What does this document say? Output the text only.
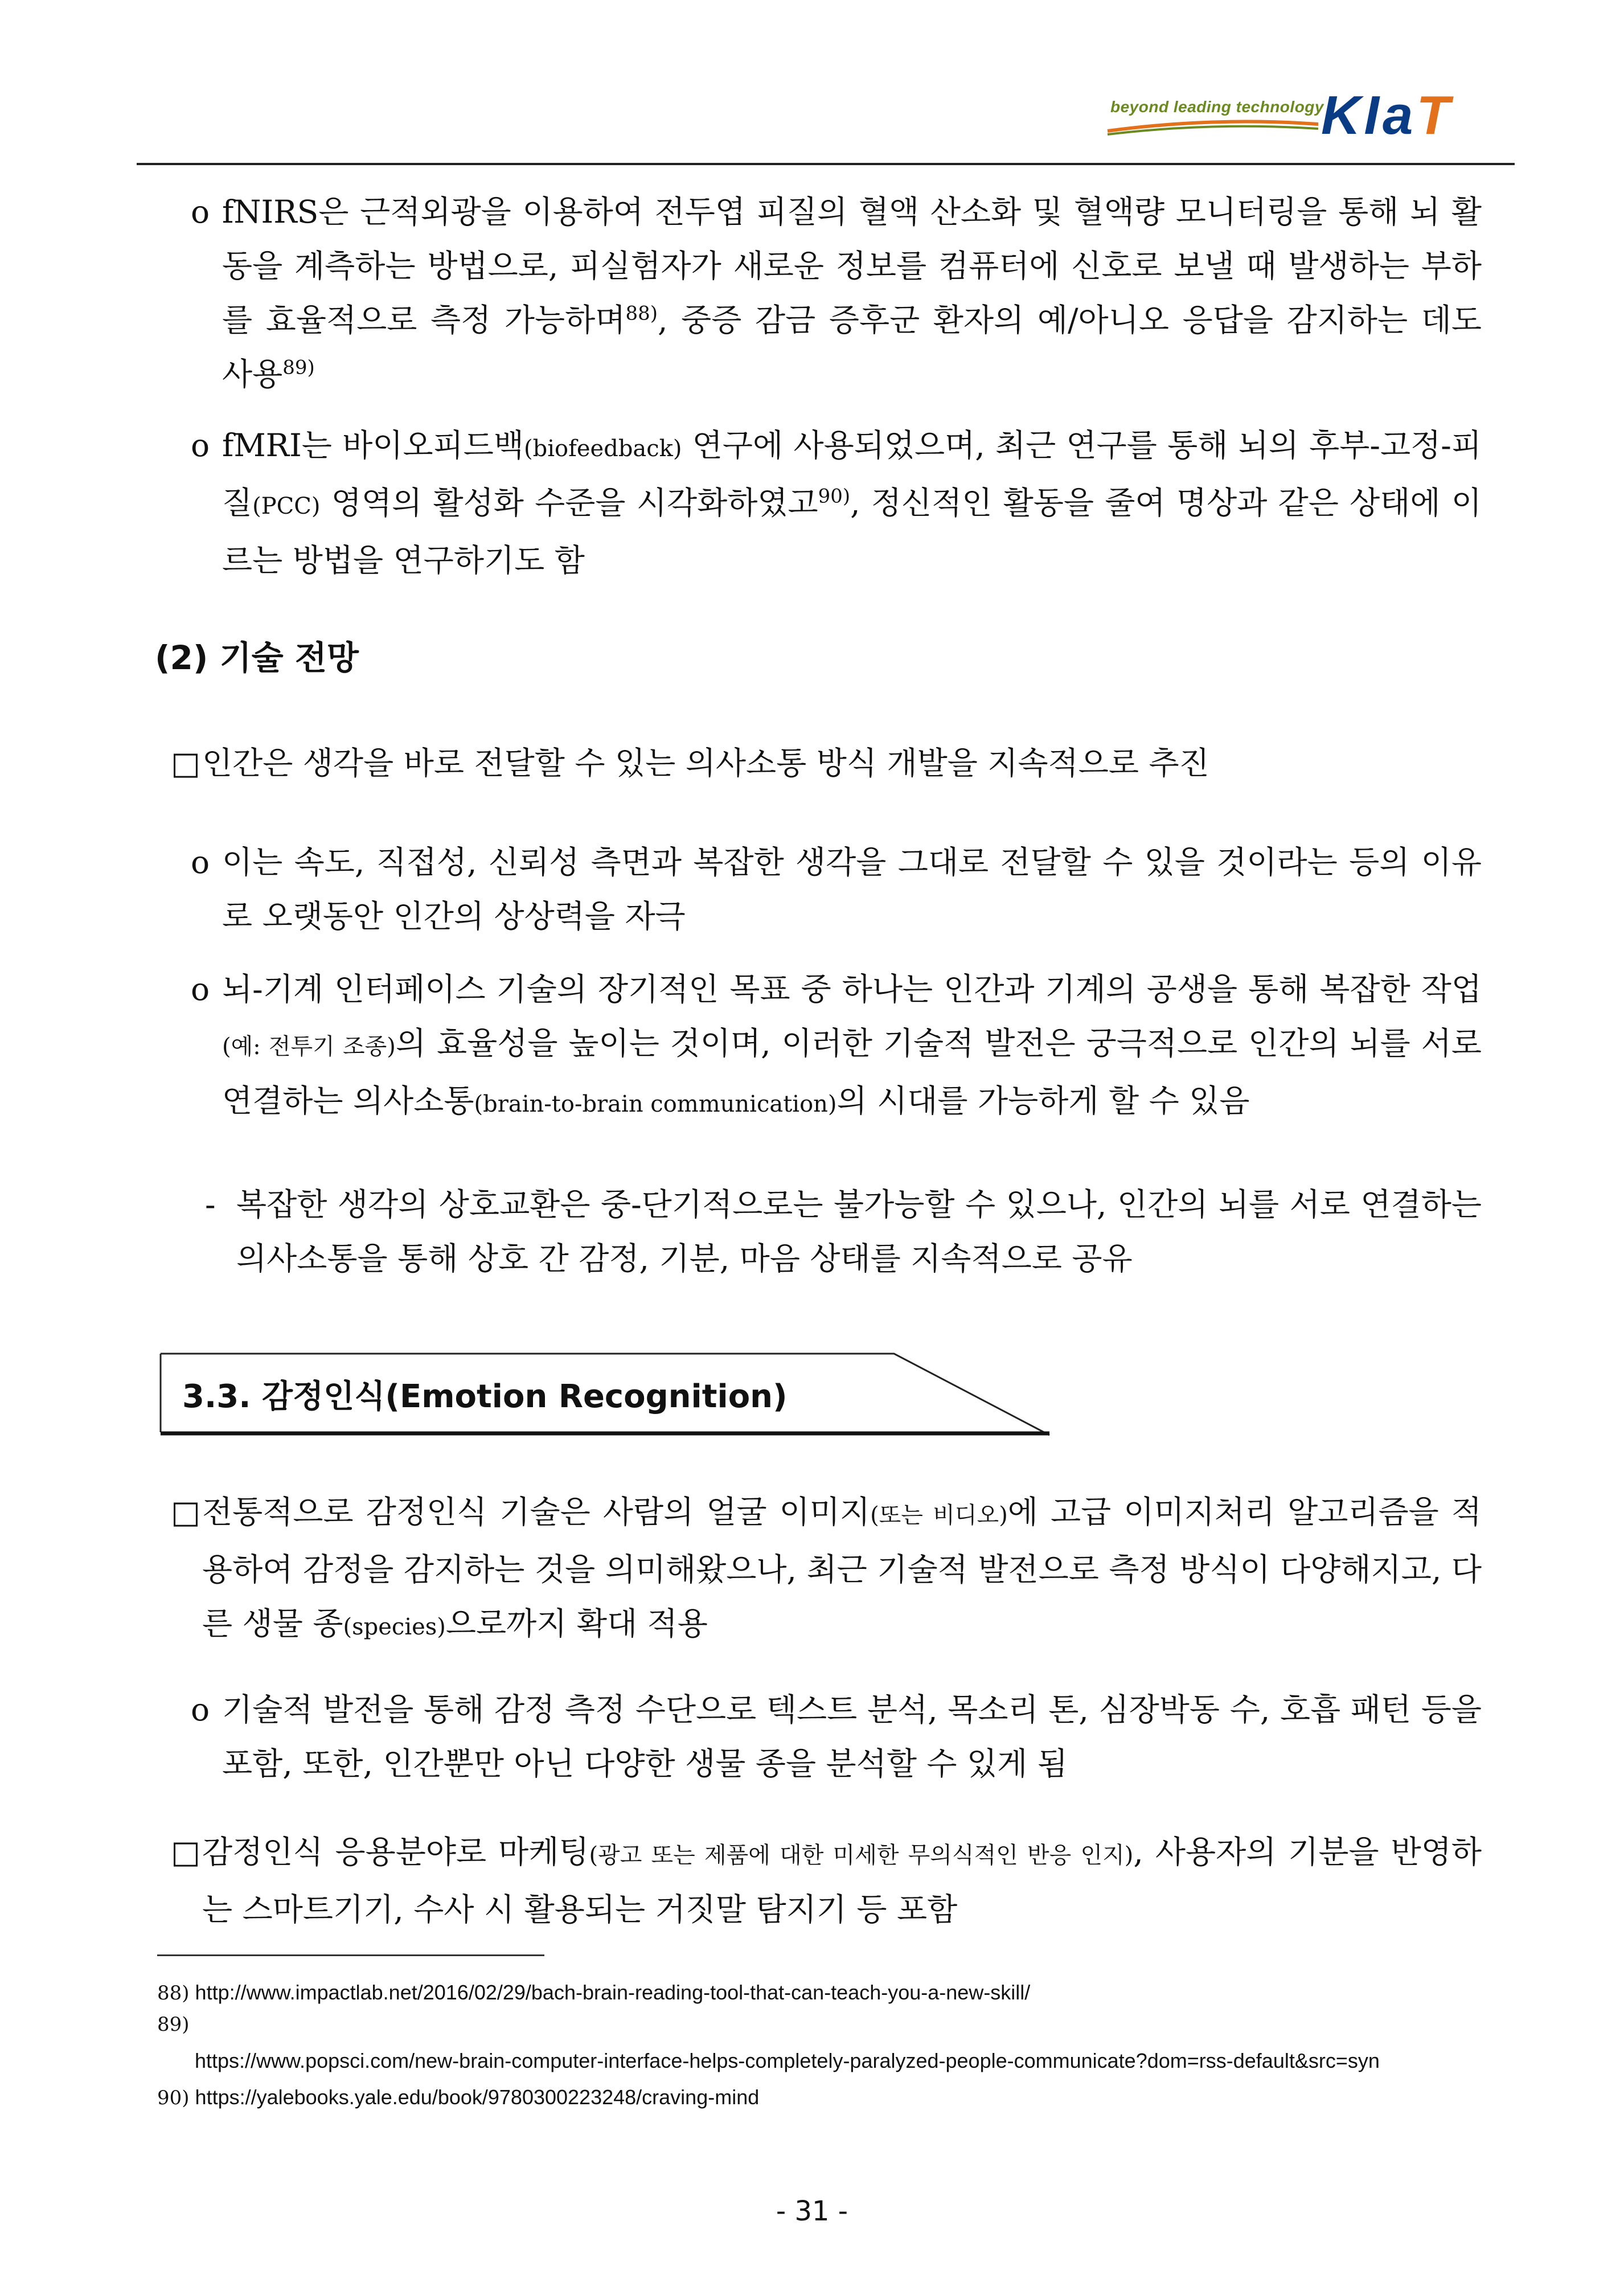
beyond leading technology
KIaT
o fNIRS은 근적외광을 이용하여 전두엽 피질의 혈액 산소화 및 혈액량 모니터링을 통해 뇌 활동을 계측하는 방법으로, 피실험자가 새로운 정보를 컴퓨터에 신호로 보낼 때 발생하는 부하를 효율적으로 측정 가능하며$^{88)}$, 중증 감금 증후군 환자의 예/아니오 응답을 감지하는 데도 사용$^{89)}$
o fMRI는 바이오피드백(biofeedback) 연구에 사용되었으며, 최근 연구를 통해 뇌의 후부-고정-피질(PCC) 영역의 활성화 수준을 시각화하였고$^{90)}$, 정신적인 활동을 줄여 명상과 같은 상태에 이르는 방법을 연구하기도 함
(2) 기술 전망
□ 인간은 생각을 바로 전달할 수 있는 의사소통 방식 개발을 지속적으로 추진
o 이는 속도, 직접성, 신뢰성 측면과 복잡한 생각을 그대로 전달할 수 있을 것이라는 등의 이유로 오랫동안 인간의 상상력을 자극
o 뇌-기계 인터페이스 기술의 장기적인 목표 중 하나는 인간과 기계의 공생을 통해 복잡한 작업(예: 전투기 조종)의 효율성을 높이는 것이며, 이러한 기술적 발전은 궁극적으로 인간의 뇌를 서로 연결하는 의사소통(brain-to-brain communication)의 시대를 가능하게 할 수 있음
- 복잡한 생각의 상호교환은 중-단기적으로는 불가능할 수 있으나, 인간의 뇌를 서로 연결하는 의사소통을 통해 상호 간 감정, 기분, 마음 상태를 지속적으로 공유
3.3. 감정인식(Emotion Recognition)
□ 전통적으로 감정인식 기술은 사람의 얼굴 이미지(또는 비디오)에 고급 이미지처리 알고리즘을 적용하여 감정을 감지하는 것을 의미해왔으나, 최근 기술적 발전으로 측정 방식이 다양해지고, 다른 생물 종(species)으로까지 확대 적용
o 기술적 발전을 통해 감정 측정 수단으로 텍스트 분석, 목소리 톤, 심장박동 수, 호흡 패턴 등을 포함, 또한, 인간뿐만 아닌 다양한 생물 종을 분석할 수 있게 됨
□ 감정인식 응용분야로 마케팅(광고 또는 제품에 대한 미세한 무의식적인 반응 인지), 사용자의 기분을 반영하는 스마트기기, 수사 시 활용되는 거짓말 탐지기 등 포함
88) http://www.impactlab.net/2016/02/29/bach-brain-reading-tool-that-can-teach-you-a-new-skill/
89)
https://www.popsci.com/new-brain-computer-interface-helps-completely-paralyzed-people-communicate?dom=rss-default&src=syn
90) https://yalebooks.yale.edu/book/9780300223248/craving-mind
- 31 -
